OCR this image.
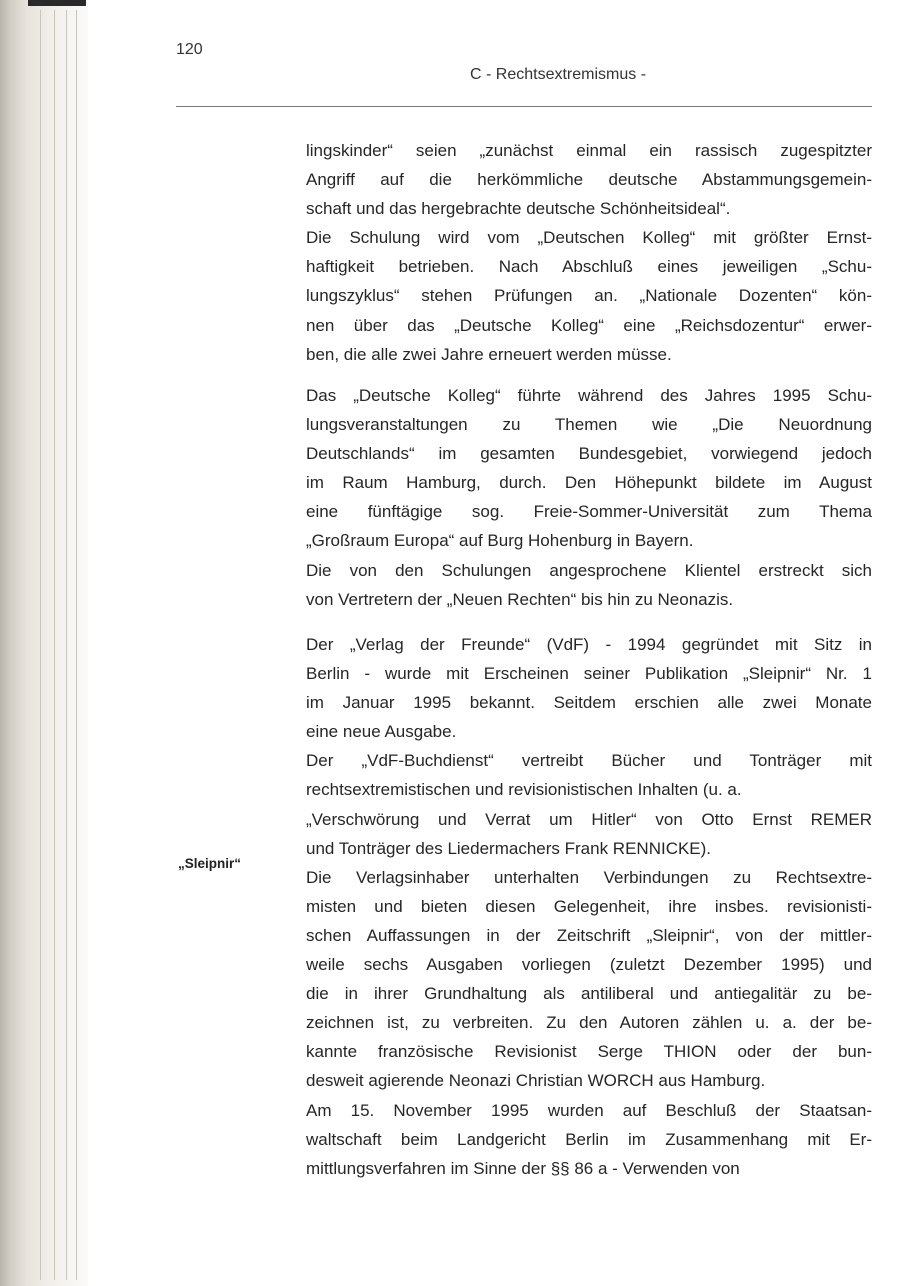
120
C - Rechtsextremismus -
„Sleipnir“

lingskinder“ seien „zunächst einmal ein rassisch zugespitzter
Angriff auf die herkömmliche deutsche Abstammungsgemein-
schaft und das hergebrachte deutsche Schönheitsideal“.
Die Schulung wird vom „Deutschen Kolleg“ mit größter Ernst-
haftigkeit betrieben. Nach Abschluß eines jeweiligen „Schu-
lungszyklus“ stehen Prüfungen an. „Nationale Dozenten“ kön-
nen über das „Deutsche Kolleg“ eine „Reichsdozentur“ erwer-
ben, die alle zwei Jahre erneuert werden müsse.

Das „Deutsche Kolleg“ führte während des Jahres 1995 Schu-
lungsveranstaltungen zu Themen wie „Die Neuordnung
Deutschlands“ im gesamten Bundesgebiet, vorwiegend jedoch
im Raum Hamburg, durch. Den Höhepunkt bildete im August
eine fünftägige sog. Freie-Sommer-Universität zum Thema
„Großraum Europa“ auf Burg Hohenburg in Bayern.
Die von den Schulungen angesprochene Klientel erstreckt sich
von Vertretern der „Neuen Rechten“ bis hin zu Neonazis.

Der „Verlag der Freunde“ (VdF) - 1994 gegründet mit Sitz in
Berlin - wurde mit Erscheinen seiner Publikation „Sleipnir“ Nr. 1
im Januar 1995 bekannt. Seitdem erschien alle zwei Monate
eine neue Ausgabe.
Der „VdF-Buchdienst“ vertreibt Bücher und Tonträger mit
rechtsextremistischen und revisionistischen Inhalten (u. a.
„Verschwörung und Verrat um Hitler“ von Otto Ernst REMER
und Tonträger des Liedermachers Frank RENNICKE).
Die Verlagsinhaber unterhalten Verbindungen zu Rechtsextre-
misten und bieten diesen Gelegenheit, ihre insbes. revisionisti-
schen Auffassungen in der Zeitschrift „Sleipnir“, von der mittler-
weile sechs Ausgaben vorliegen (zuletzt Dezember 1995) und
die in ihrer Grundhaltung als antiliberal und antiegalitär zu be-
zeichnen ist, zu verbreiten. Zu den Autoren zählen u. a. der be-
kannte französische Revisionist Serge THION oder der bun-
desweit agierende Neonazi Christian WORCH aus Hamburg.

Am 15. November 1995 wurden auf Beschluß der Staatsan-
waltschaft beim Landgericht Berlin im Zusammenhang mit Er-
mittlungsverfahren im Sinne der §§ 86 a - Verwenden von
